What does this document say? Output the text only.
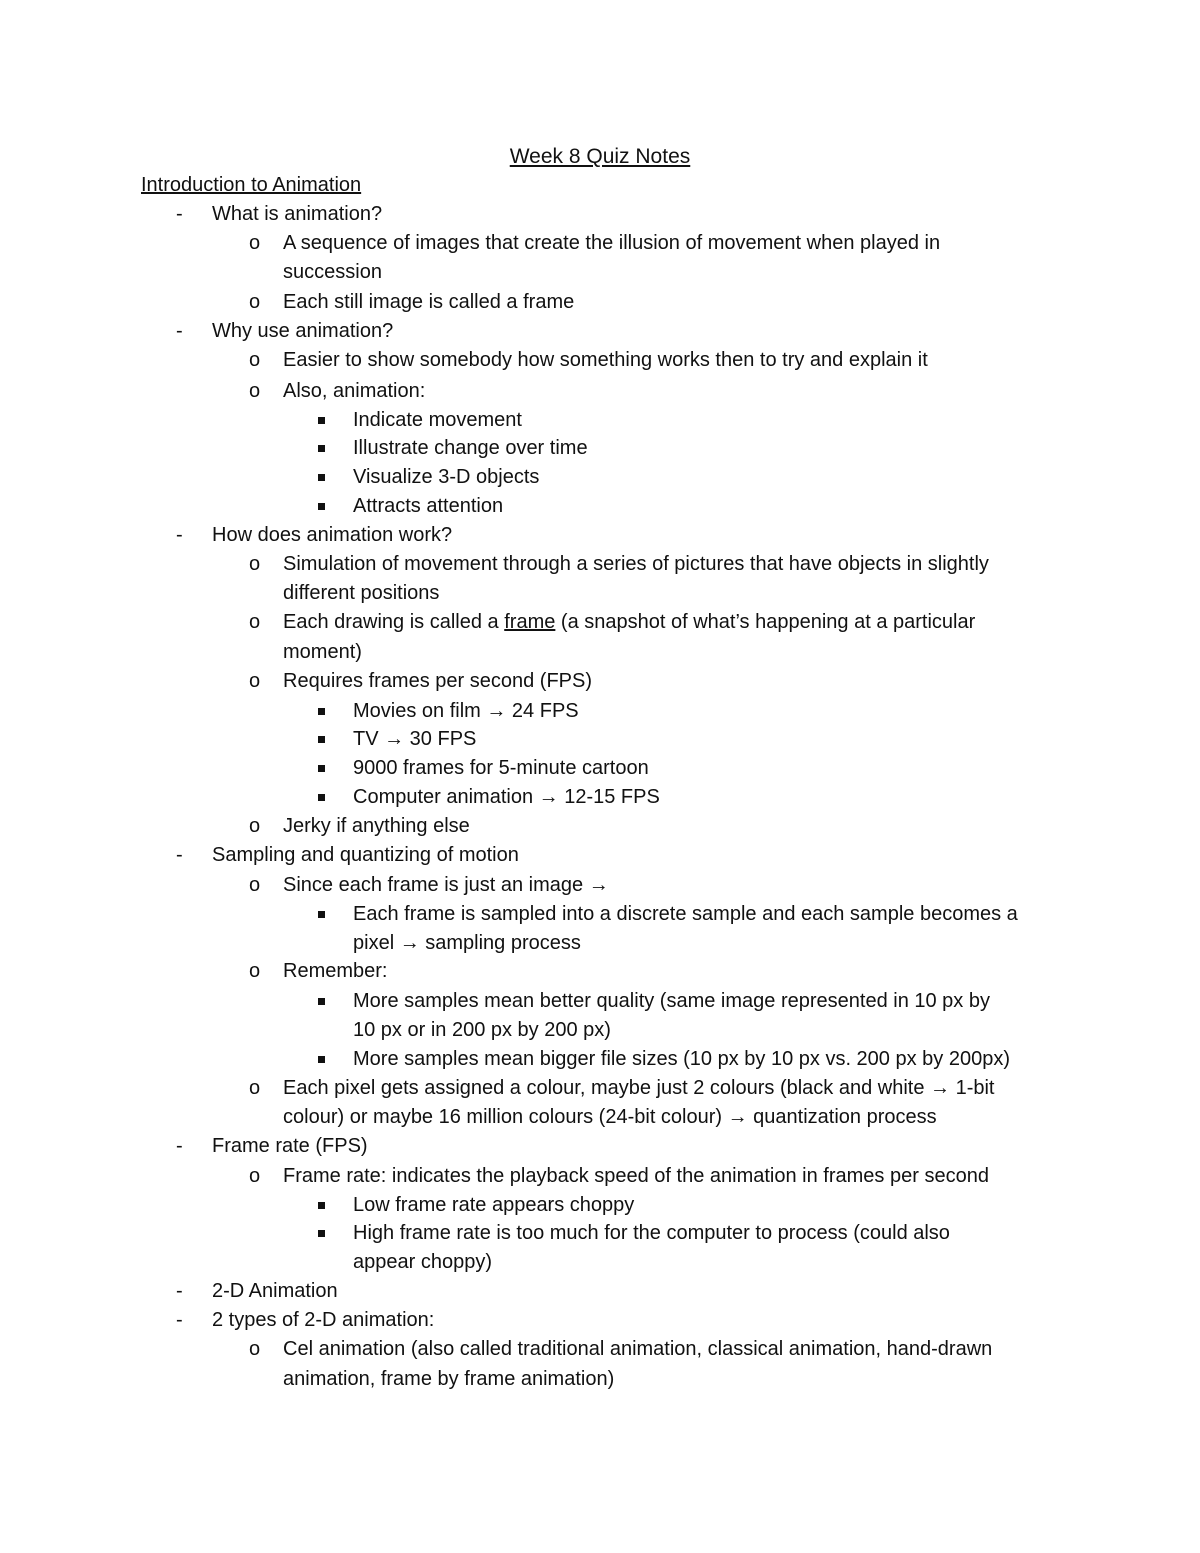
Week 8 Quiz Notes
Introduction to Animation
- What is animation?
o A sequence of images that create the illusion of movement when played in
succession
o Each still image is called a frame
- Why use animation?
o Easier to show somebody how something works then to try and explain it
o Also, animation:
Indicate movement
Illustrate change over time
Visualize 3-D objects
Attracts attention
- How does animation work?
o Simulation of movement through a series of pictures that have objects in slightly
different positions
o Each drawing is called a frame (a snapshot of what’s happening at a particular
moment)
o Requires frames per second (FPS)
Movies on film → 24 FPS
TV → 30 FPS
9000 frames for 5-minute cartoon
Computer animation → 12-15 FPS
o Jerky if anything else
- Sampling and quantizing of motion
o Since each frame is just an image →
Each frame is sampled into a discrete sample and each sample becomes a
pixel → sampling process
o Remember:
More samples mean better quality (same image represented in 10 px by
10 px or in 200 px by 200 px)
More samples mean bigger file sizes (10 px by 10 px vs. 200 px by 200px)
o Each pixel gets assigned a colour, maybe just 2 colours (black and white → 1-bit
colour) or maybe 16 million colours (24-bit colour) → quantization process
- Frame rate (FPS)
o Frame rate: indicates the playback speed of the animation in frames per second
Low frame rate appears choppy
High frame rate is too much for the computer to process (could also
appear choppy)
- 2-D Animation
- 2 types of 2-D animation:
o Cel animation (also called traditional animation, classical animation, hand-drawn
animation, frame by frame animation)
